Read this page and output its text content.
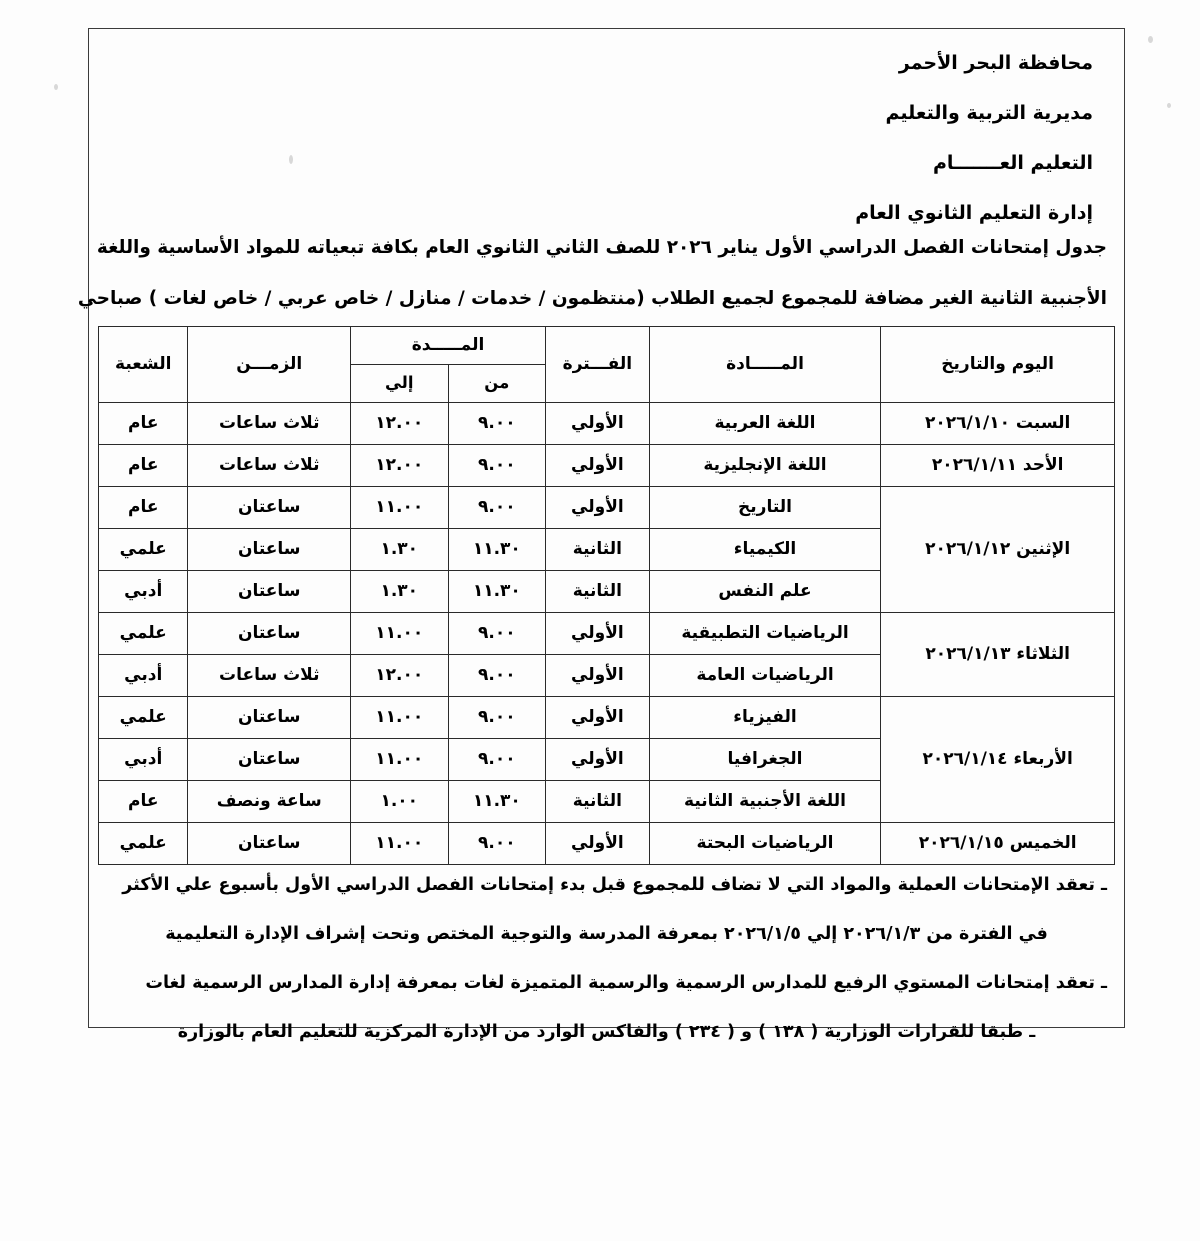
محافظة البحر الأحمر
مديرية التربية والتعليم
التعليم العـــــــام
إدارة التعليم الثانوي العام
جدول إمتحانات الفصل الدراسي الأول يناير ٢٠٢٦ للصف الثاني الثانوي العام بكافة تبعياته للمواد الأساسية واللغة
الأجنبية الثانية الغير مضافة للمجموع لجميع الطلاب (منتظمون / خدمات / منازل / خاص عربي / خاص لغات ) صباحي
اليوم والتاريخ	المـــــادة	الفـــترة	المـــــدة		الزمـــن	الشعبة
			من	إلي		
السبت ٢٠٢٦/١/١٠	اللغة العربية	الأولي	٩.٠٠	١٢.٠٠	ثلاث ساعات	عام
الأحد ٢٠٢٦/١/١١	اللغة الإنجليزية	الأولي	٩.٠٠	١٢.٠٠	ثلاث ساعات	عام
الإثنين ٢٠٢٦/١/١٢	التاريخ	الأولي	٩.٠٠	١١.٠٠	ساعتان	عام
	الكيمياء	الثانية	١١.٣٠	١.٣٠	ساعتان	علمي
	علم النفس	الثانية	١١.٣٠	١.٣٠	ساعتان	أدبي
الثلاثاء ٢٠٢٦/١/١٣	الرياضيات التطبيقية	الأولي	٩.٠٠	١١.٠٠	ساعتان	علمي
	الرياضيات العامة	الأولي	٩.٠٠	١٢.٠٠	ثلاث ساعات	أدبي
الأربعاء ٢٠٢٦/١/١٤	الفيزياء	الأولي	٩.٠٠	١١.٠٠	ساعتان	علمي
	الجغرافيا	الأولي	٩.٠٠	١١.٠٠	ساعتان	أدبي
	اللغة الأجنبية الثانية	الثانية	١١.٣٠	١.٠٠	ساعة ونصف	عام
الخميس ٢٠٢٦/١/١٥	الرياضيات البحتة	الأولي	٩.٠٠	١١.٠٠	ساعتان	علمي
ـ تعقد الإمتحانات العملية والمواد التي لا تضاف للمجموع قبل بدء إمتحانات الفصل الدراسي الأول بأسبوع علي الأكثر
في الفترة من ٢٠٢٦/١/٣ إلي ٢٠٢٦/١/٥ بمعرفة المدرسة والتوجية المختص وتحت إشراف الإدارة التعليمية
ـ تعقد إمتحانات المستوي الرفيع للمدارس الرسمية والرسمية المتميزة لغات بمعرفة إدارة المدارس الرسمية لغات
ـ طبقا للقرارات الوزارية ( ١٣٨ ) و ( ٢٣٤ ) والفاكس الوارد من الإدارة المركزية للتعليم العام بالوزارة
